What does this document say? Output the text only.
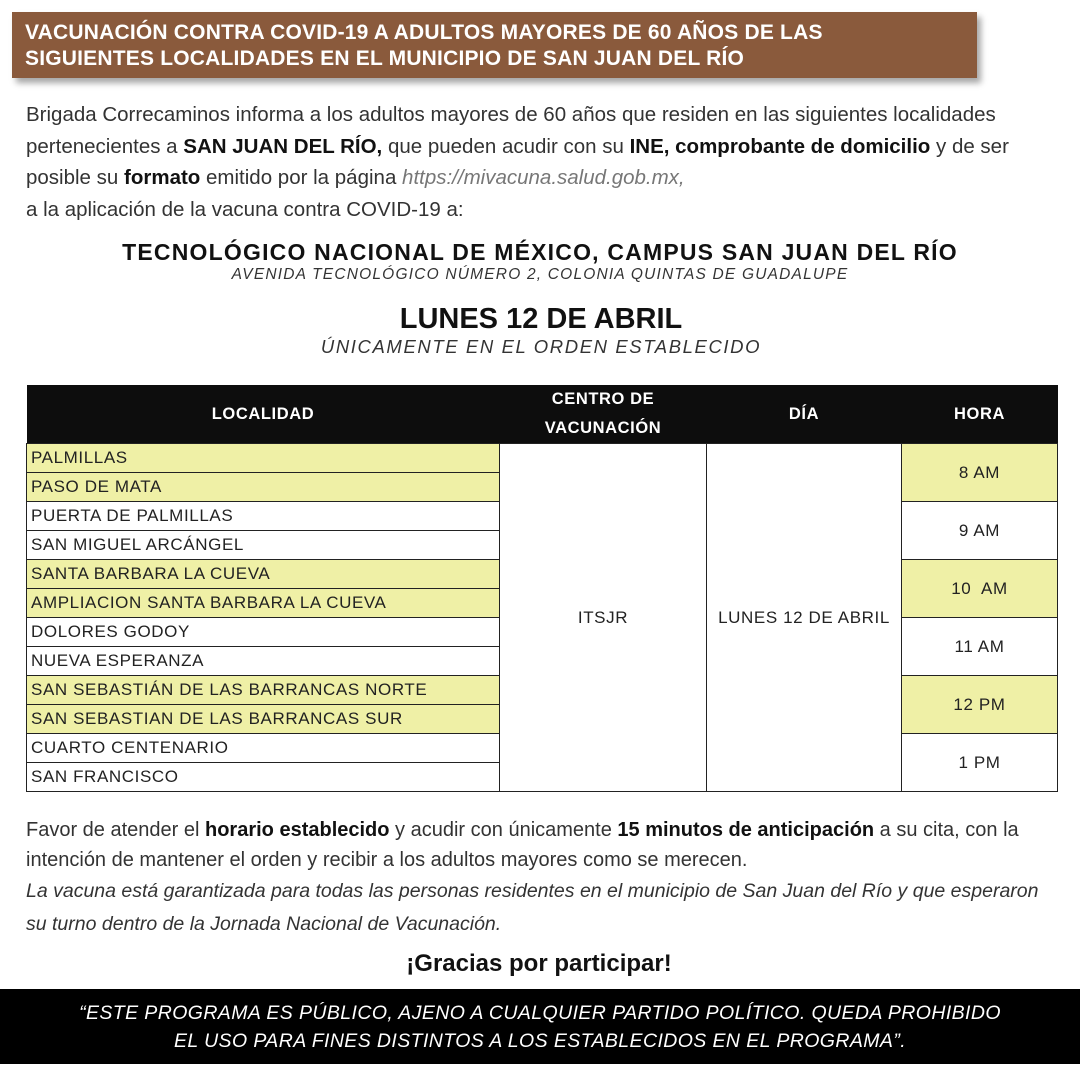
VACUNACIÓN CONTRA COVID-19 A ADULTOS MAYORES DE 60 AÑOS DE LAS
SIGUIENTES LOCALIDADES EN EL MUNICIPIO DE SAN JUAN DEL RÍO
Brigada Correcaminos informa a los adultos mayores de 60 años que residen en las siguientes localidades pertenecientes a SAN JUAN DEL RÍO, que pueden acudir con su INE, comprobante de domicilio y de ser posible su formato emitido por la página https://mivacuna.salud.gob.mx,
a la aplicación de la vacuna contra COVID-19 a:
TECNOLÓGICO NACIONAL DE MÉXICO, CAMPUS SAN JUAN DEL RÍO
AVENIDA TECNOLÓGICO NÚMERO 2, COLONIA QUINTAS DE GUADALUPE
LUNES 12 DE ABRIL
ÚNICAMENTE EN EL ORDEN ESTABLECIDO
LOCALIDAD	CENTRO DE
VACUNACIÓN	DÍA	HORA
PALMILLAS	ITSJR	LUNES 12 DE ABRIL	8 AM
PASO DE MATA			
PUERTA DE PALMILLAS			9 AM
SAN MIGUEL ARCÁNGEL			
SANTA BARBARA LA CUEVA			10  AM
AMPLIACION SANTA BARBARA LA CUEVA			
DOLORES GODOY			11 AM
NUEVA ESPERANZA			
SAN SEBASTIÁN DE LAS BARRANCAS NORTE			12 PM
SAN SEBASTIAN DE LAS BARRANCAS SUR			
CUARTO CENTENARIO			1 PM
SAN FRANCISCO			
Favor de atender el horario establecido y acudir con únicamente 15 minutos de anticipación a su cita, con la intención de mantener el orden y recibir a los adultos mayores como se merecen.
La vacuna está garantizada para todas las personas residentes en el municipio de San Juan del Río y que esperaron su turno dentro de la Jornada Nacional de Vacunación.
¡Gracias por participar!
“ESTE PROGRAMA ES PÚBLICO, AJENO A CUALQUIER PARTIDO POLÍTICO. QUEDA PROHIBIDO
EL USO PARA FINES DISTINTOS A LOS ESTABLECIDOS EN EL PROGRAMA”.
